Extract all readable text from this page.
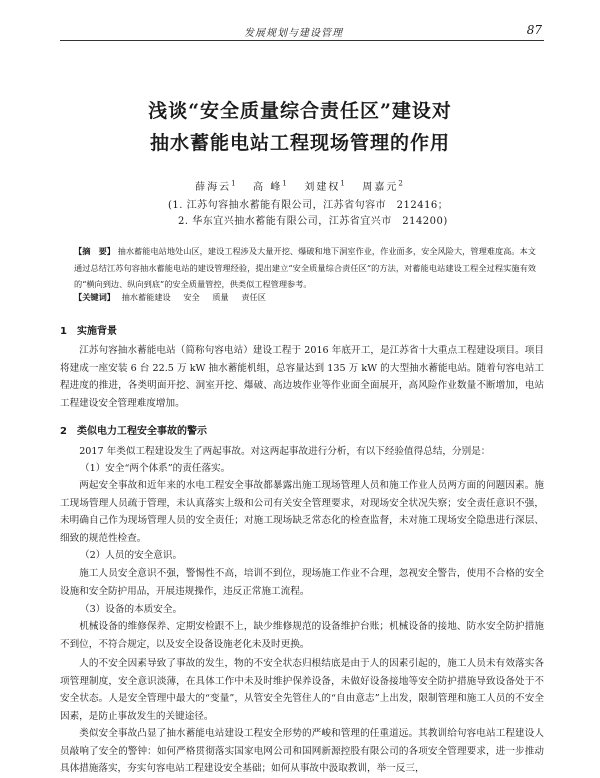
发展规划与建设管理	87
浅谈“安全质量综合责任区”建设对
抽水蓄能电站工程现场管理的作用
薛海云$^1$ 高 峰$^1$ 刘建权$^1$ 周嘉元$^2$
(1. 江苏句容抽水蓄能有限公司，江苏省句容市　212416；
2. 华东宜兴抽水蓄能有限公司，江苏省宜兴市　214200)
【摘　要】 抽水蓄能电站地处山区，建设工程涉及大量开挖、爆破和地下洞室作业，作业面多，安全风险大，管理难度高。本文通过总结江苏句容抽水蓄能电站的建设管理经验，提出建立“安全质量综合责任区”的方法，对蓄能电站建设工程全过程实施有效的“横向到边、纵向到底”的安全质量管控，供类似工程管理参考。
【关键词】 抽水蓄能建设 安全 质量 责任区
1　实施背景
江苏句容抽水蓄能电站（简称句容电站）建设工程于 2016 年底开工，是江苏省十大重点工程建设项目。项目将建成一座安装 6 台 22.5 万 kW 抽水蓄能机组，总容量达到 135 万 kW 的大型抽水蓄能电站。随着句容电站工程进度的推进，各类明面开挖、洞室开挖、爆破、高边坡作业等作业面全面展开，高风险作业数量不断增加，电站工程建设安全管理难度增加。
2　类似电力工程安全事故的警示
2017 年类似工程建设发生了两起事故。对这两起事故进行分析，有以下经验值得总结，分别是：
（1）安全“两个体系”的责任落实。
两起安全事故和近年来的水电工程安全事故都暴露出施工现场管理人员和施工作业人员两方面的问题因素。施工现场管理人员疏于管理，未认真落实上级和公司有关安全管理要求，对现场安全状况失察；安全责任意识不强，未明确自己作为现场管理人员的安全责任；对施工现场缺乏常态化的检查监督，未对施工现场安全隐患进行深层、细致的规范性检查。
（2）人员的安全意识。
施工人员安全意识不强，警惕性不高，培训不到位，现场施工作业不合理，忽视安全警告，使用不合格的安全设施和安全防护用品，开展违规操作，违反正常施工流程。
（3）设备的本质安全。
机械设备的维修保养、定期安检跟不上，缺少维修规范的设备维护台账；机械设备的接地、防水安全防护措施不到位，不符合规定，以及安全设备设施老化未及时更换。
人的不安全因素导致了事故的发生，物的不安全状态归根结底是由于人的因素引起的，施工人员未有效落实各项管理制度，安全意识淡薄，在具体工作中未及时维护保养设备，未做好设备接地等安全防护措施导致设备处于不安全状态。人是安全管理中最大的“变量”，从管安全先管住人的“自由意志”上出发，限制管理和施工人员的不安全因素，是防止事故发生的关键途径。
类似安全事故凸显了抽水蓄能电站建设工程安全形势的严峻和管理的任重道远。其教训给句容电站工程建设人员敲响了安全的警钟：如何严格贯彻落实国家电网公司和国网新源控股有限公司的各项安全管理要求，进一步推动具体措施落实，夯实句容电站工程建设安全基础；如何从事故中汲取教训，举一反三，
